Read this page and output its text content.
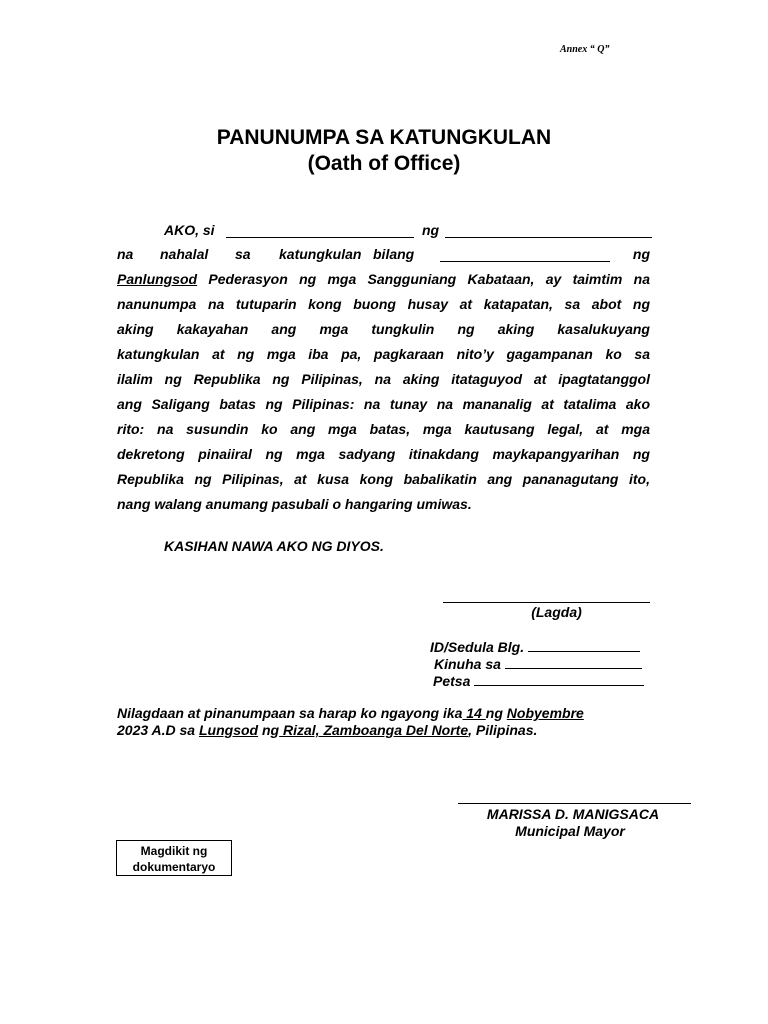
Annex “ Q”
PANUNUMPA SA KATUNGKULAN
(Oath of Office)
AKO, si	ng
na nahalal sa katungkulan bilang	ng
Panlungsod Pederasyon ng mga Sangguniang Kabataan, ay taimtim na
nanunumpa na tutuparin kong buong husay at katapatan, sa abot ng
aking kakayahan ang mga tungkulin ng aking kasalukuyang
katungkulan at ng mga iba pa, pagkaraan nito’y gagampanan ko sa
ilalim ng Republika ng Pilipinas, na aking itataguyod at ipagtatanggol
ang Saligang batas ng Pilipinas: na tunay na mananalig at tatalima ako
rito: na susundin ko ang mga batas, mga kautusang legal, at mga
dekretong pinaiiral ng mga sadyang itinakdang maykapangyarihan ng
Republika ng Pilipinas, at kusa kong babalikatin ang pananagutang ito,
nang walang anumang pasubali o hangaring umiwas.
KASIHAN NAWA AKO NG DIYOS.
(Lagda)
ID/Sedula Blg.
Kinuha sa
Petsa
Nilagdaan at pinanumpaan sa harap ko ngayong ika 14 ng Nobyembre
2023 A.D sa Lungsod ng Rizal, Zamboanga Del Norte, Pilipinas.
MARISSA D. MANIGSACA
Municipal Mayor
Magdikit ng
dokumentaryo
